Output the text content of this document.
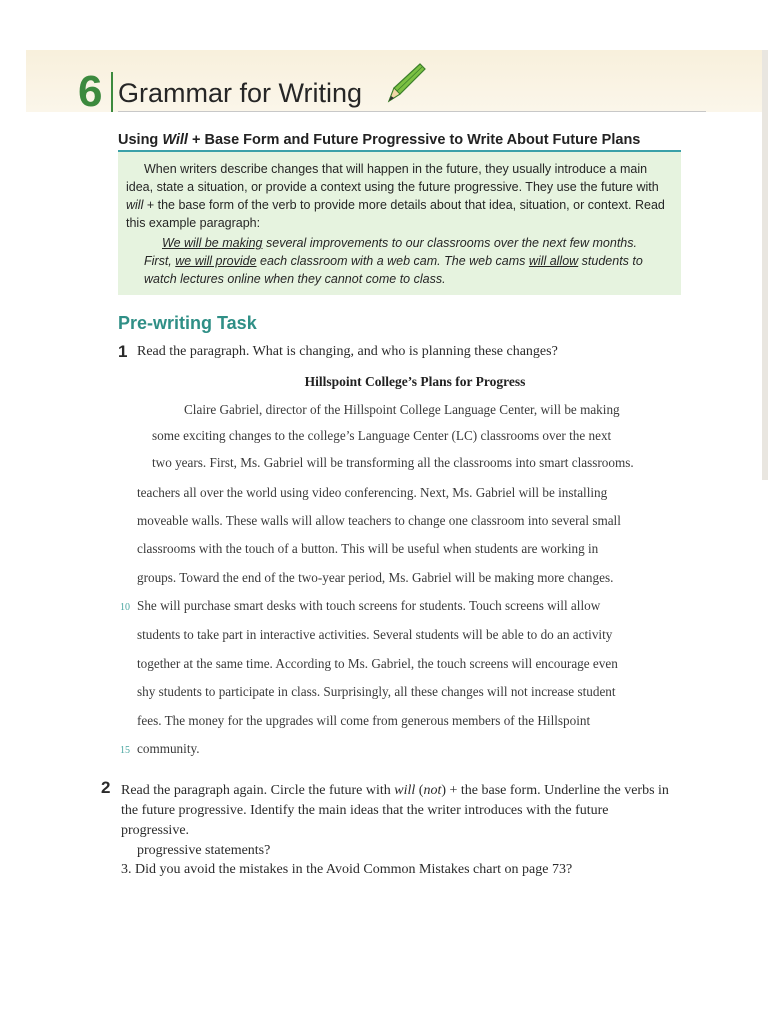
6 Grammar for Writing
Using Will + Base Form and Future Progressive to Write About Future Plans

When writers describe changes that will happen in the future, they usually introduce a main idea, state a situation, or provide a context using the future progressive. They use the future with will + the base form of the verb to provide more details about that idea, situation, or context. Read this example paragraph:

We will be making several improvements to our classrooms over the next few months. First, we will provide each classroom with a web cam. The web cams will allow students to watch lectures online when they cannot come to class.

Pre-writing Task
1 Read the paragraph. What is changing, and who is planning these changes?
Hillspoint College’s Plans for Progress
Claire Gabriel, director of the Hillspoint College Language Center, will be making
some exciting changes to the college’s Language Center (LC) classrooms over the next
two years. First, Ms. Gabriel will be transforming all the classrooms into smart classrooms.
teachers all over the world using video conferencing. Next, Ms. Gabriel will be installing
moveable walls. These walls will allow teachers to change one classroom into several small
classrooms with the touch of a button. This will be useful when students are working in
groups. Toward the end of the two-year period, Ms. Gabriel will be making more changes.
10 She will purchase smart desks with touch screens for students. Touch screens will allow
students to take part in interactive activities. Several students will be able to do an activity
together at the same time. According to Ms. Gabriel, the touch screens will encourage even
shy students to participate in class. Surprisingly, all these changes will not increase student
fees. The money for the upgrades will come from generous members of the Hillspoint
15 community.
2 Read the paragraph again. Circle the future with will (not) + the base form. Underline the verbs in the future progressive. Identify the main ideas that the writer introduces with the future progressive.

progressive statements?
3. Did you avoid the mistakes in the Avoid Common Mistakes chart on page 73?
